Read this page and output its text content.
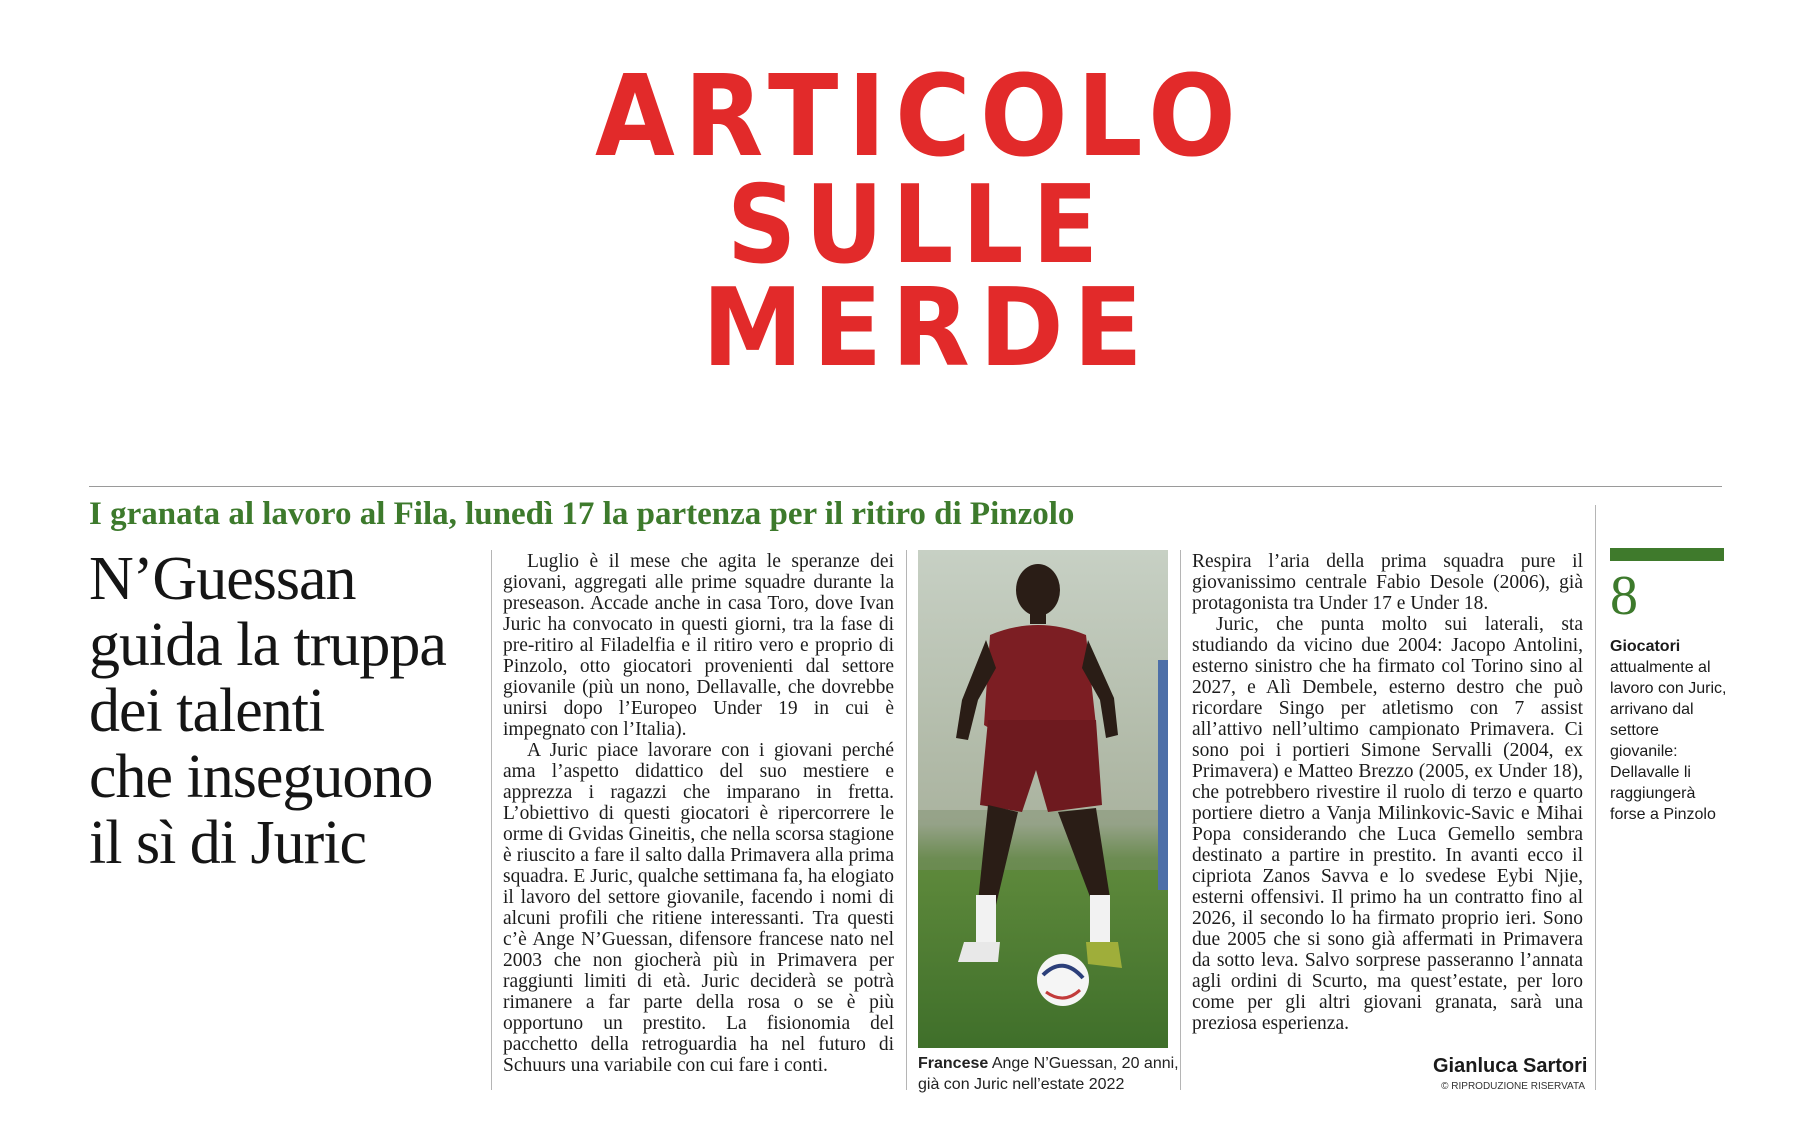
ARTICOLO
SULLE
MERDE
I granata al lavoro al Fila, lunedì 17 la partenza per il ritiro di Pinzolo
N’Guessan
guida la truppa
dei talenti
che inseguono
il sì di Juric

Luglio è il mese che agita le speranze dei giovani, aggregati alle prime squadre durante la preseason. Accade anche in casa Toro, dove Ivan Juric ha convocato in questi giorni, tra la fase di pre-ritiro al Filadelfia e il ritiro vero e proprio di Pinzolo, otto giocatori provenienti dal settore giovanile (più un nono, Dellavalle, che dovrebbe unirsi dopo l’Europeo Under 19 in cui è impegnato con l’Italia).

A Juric piace lavorare con i giovani perché ama l’aspetto didattico del suo mestiere e apprezza i ragazzi che imparano in fretta. L’obiettivo di questi giocatori è ripercorrere le orme di Gvidas Gineitis, che nella scorsa stagione è riuscito a fare il salto dalla Primavera alla prima squadra. E Juric, qualche settimana fa, ha elogiato il lavoro del settore giovanile, facendo i nomi di alcuni profili che ritiene interessanti. Tra questi c’è Ange N’Guessan, difensore francese nato nel 2003 che non giocherà più in Primavera per raggiunti limiti di età. Juric deciderà se potrà rimanere a far parte della rosa o se è più opportuno un prestito. La fisionomia del pacchetto della retroguardia ha nel futuro di Schuurs una variabile con cui fare i conti.	Francese Ange N’Guessan, 20 anni, già con Juric nell’estate 2022

Respira l’aria della prima squadra pure il giovanissimo centrale Fabio Desole (2006), già protagonista tra Under 17 e Under 18.

Juric, che punta molto sui laterali, sta studiando da vicino due 2004: Jacopo Antolini, esterno sinistro che ha firmato col Torino sino al 2027, e Alì Dembele, esterno destro che può ricordare Singo per atletismo con 7 assist all’attivo nell’ultimo campionato Primavera. Ci sono poi i portieri Simone Servalli (2004, ex Primavera) e Matteo Brezzo (2005, ex Under 18), che potrebbero rivestire il ruolo di terzo e quarto portiere dietro a Vanja Milinkovic-Savic e Mihai Popa considerando che Luca Gemello sembra destinato a partire in prestito. In avanti ecco il cipriota Zanos Savva e lo svedese Eybi Njie, esterni offensivi. Il primo ha un contratto fino al 2026, il secondo lo ha firmato proprio ieri. Sono due 2005 che si sono già affermati in Primavera da sotto leva. Salvo sorprese passeranno l’annata agli ordini di Scurto, ma quest’estate, per loro come per gli altri giovani granata, sarà una preziosa esperienza.

Gianluca Sartori
© RIPRODUZIONE RISERVATA
8
Giocatori
attualmente al lavoro con Juric, arrivano dal settore giovanile: Dellavalle li raggiungerà forse a Pinzolo
